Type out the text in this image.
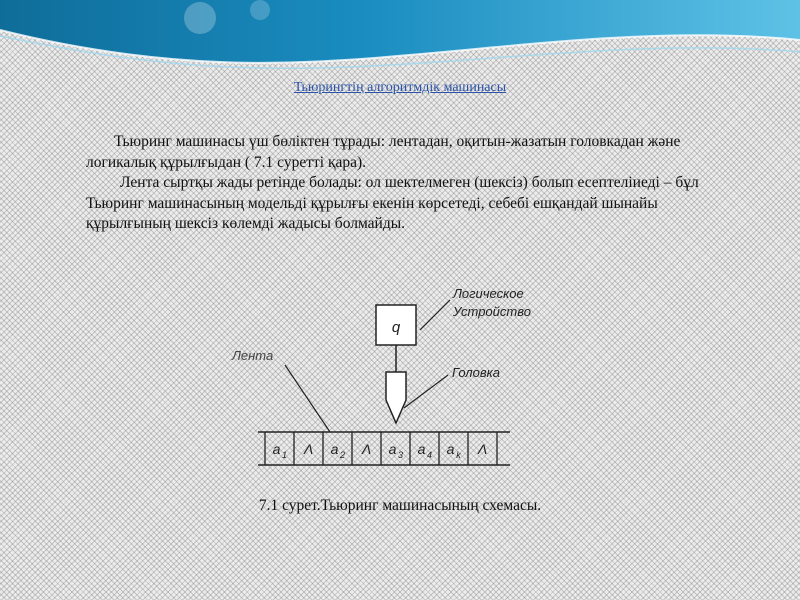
Тьюрингтің алгоритмдік машинасы

Тьюринг машинасы үш бөліктен тұрады: лентадан, оқитын-жазатын головкадан және логикалық құрылғыдан ( 7.1 суретті қара).

Лента сыртқы жады ретінде болады: ол шектелмеген (шексіз) болып есептеліиеді – бұл Тьюринг машинасының модельді құрылғы екенін көрсетеді, себебі ешқандай шынайы құрылғының шексіз көлемді жадысы болмайды.

q
Логическое
Устройство
Головка
Лента
a 1 Λ a 2 Λ a 3 a 4 a k Λ
7.1 сурет.Тьюринг машинасының схемасы.
